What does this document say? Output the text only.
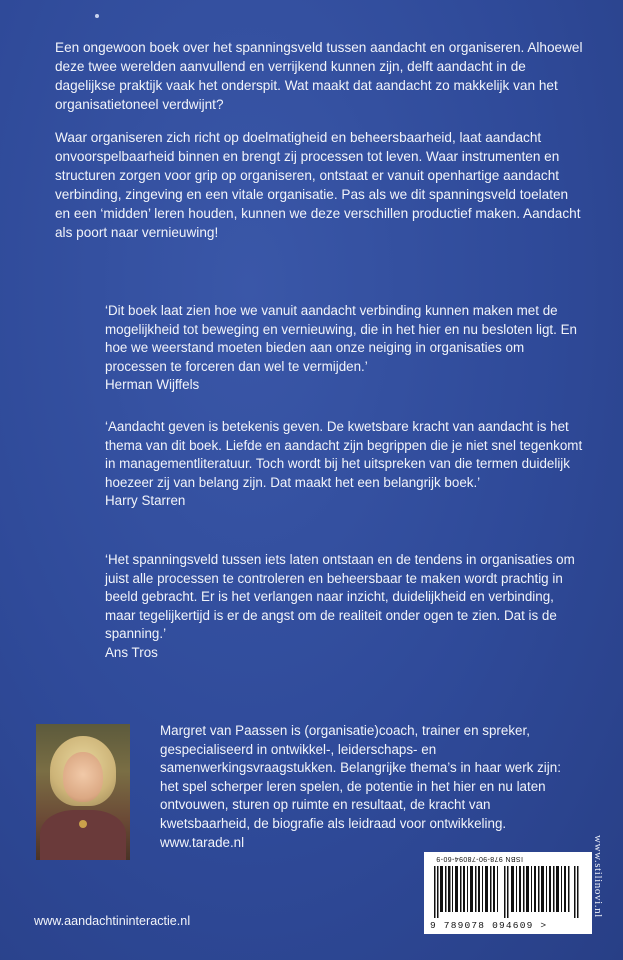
Een ongewoon boek over het spanningsveld tussen aandacht en organiseren. Alhoewel deze twee werelden aanvullend en verrijkend kunnen zijn, delft aandacht in de dagelijkse praktijk vaak het onderspit. Wat maakt dat aandacht zo makkelijk van het organisatietoneel verdwijnt?

Waar organiseren zich richt op doelmatigheid en beheersbaarheid, laat aandacht onvoorspelbaarheid binnen en brengt zij processen tot leven. Waar instrumenten en structuren zorgen voor grip op organiseren, ontstaat er vanuit openhartige aandacht verbinding, zingeving en een vitale organisatie. Pas als we dit spanningsveld toelaten en een ‘midden’ leren houden, kunnen we deze verschillen productief maken. Aandacht als poort naar vernieuwing!

‘Dit boek laat zien hoe we vanuit aandacht verbinding kunnen maken met de mogelijkheid tot beweging en vernieuwing, die in het hier en nu besloten ligt. En hoe we weerstand moeten bieden aan onze neiging in organisaties om processen te forceren dan wel te vermijden.’
Herman Wijffels
‘Aandacht geven is betekenis geven. De kwetsbare kracht van aandacht is het thema van dit boek. Liefde en aandacht zijn begrippen die je niet snel tegenkomt in managementliteratuur. Toch wordt bij het uitspreken van die termen duidelijk hoezeer zij van belang zijn. Dat maakt het een belangrijk boek.’
Harry Starren
‘Het spanningsveld tussen iets laten ontstaan en de tendens in organisaties om juist alle processen te controleren en beheersbaar te maken wordt prachtig in beeld gebracht. Er is het verlangen naar inzicht, duidelijkheid en verbinding, maar tegelijkertijd is er de angst om de realiteit onder ogen te zien. Dat is de spanning.’
Ans Tros
Margret van Paassen is (organisatie)coach, trainer en spreker, gespecialiseerd in ontwikkel-, leiderschaps- en samenwerkingsvraagstukken. Belangrijke thema’s in haar werk zijn: het spel scherper leren spelen, de potentie in het hier en nu laten ontvouwen, sturen op ruimte en resultaat, de kracht van kwetsbaarheid, de biografie als leidraad voor ontwikkeling.
www.tarade.nl
www.aandachtininteractie.nl
ISBN 978-90-78094-60-9
9 789078 094609 >
www.stilinovi.nl
